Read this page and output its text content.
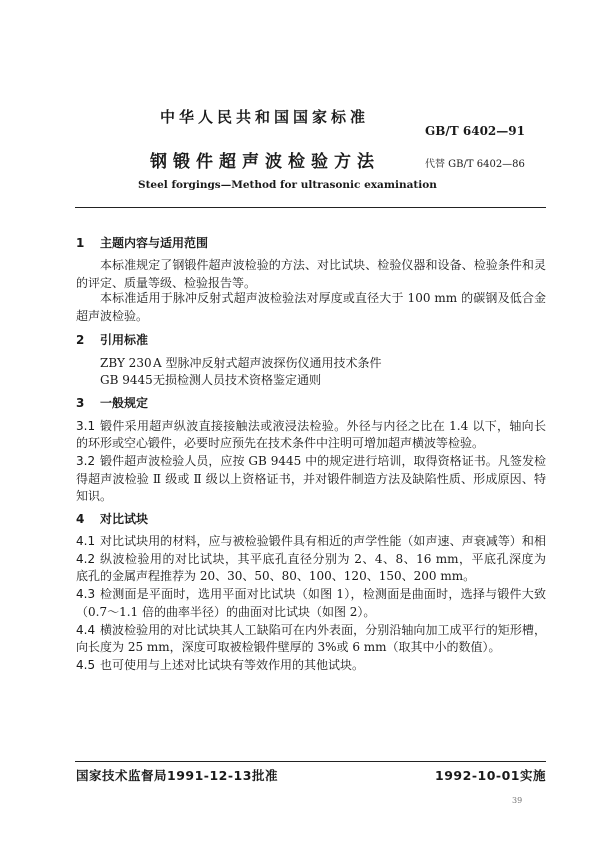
中华人民共和国国家标准
GB/T 6402—91
钢锻件超声波检验方法	代替 GB/T 6402—86
Steel forgings—Method for ultrasonic examination
1 主题内容与适用范围
本标准规定了钢锻件超声波检验的方法、对比试块、检验仪器和设备、检验条件和灵
的评定、质量等级、检验报告等。
本标准适用于脉冲反射式超声波检验法对厚度或直径大于 100 mm 的碳钢及低合金
超声波检验。
2 引用标准
ZBY 230A 型脉冲反射式超声波探伤仪通用技术条件
GB 9445无损检测人员技术资格鉴定通则
3 一般规定
3.1 锻件采用超声纵波直接接触法或液浸法检验。外径与内径之比在 1.4 以下，轴向长
的环形或空心锻件，必要时应预先在技术条件中注明可增加超声横波等检验。
3.2 锻件超声波检验人员，应按 GB 9445 中的规定进行培训，取得资格证书。凡签发检
得超声波检验 Ⅱ 级或 Ⅱ 级以上资格证书，并对锻件制造方法及缺陷性质、形成原因、特
知识。
4 对比试块
4.1 对比试块用的材料，应与被检验锻件具有相近的声学性能（如声速、声衰减等）和相
4.2 纵波检验用的对比试块，其平底孔直径分别为 2、4、8、16 mm，平底孔深度为
底孔的金属声程推荐为 20、30、50、80、100、120、150、200 mm。
4.3 检测面是平面时，选用平面对比试块（如图 1），检测面是曲面时，选择与锻件大致
（0.7～1.1 倍的曲率半径）的曲面对比试块（如图 2）。
4.4 横波检验用的对比试块其人工缺陷可在内外表面，分别沿轴向加工成平行的矩形槽，
向长度为 25 mm，深度可取被检锻件壁厚的 3%或 6 mm（取其中小的数值）。
4.5 也可使用与上述对比试块有等效作用的其他试块。
国家技术监督局1991-12-13批准	1992-10-01实施
39
